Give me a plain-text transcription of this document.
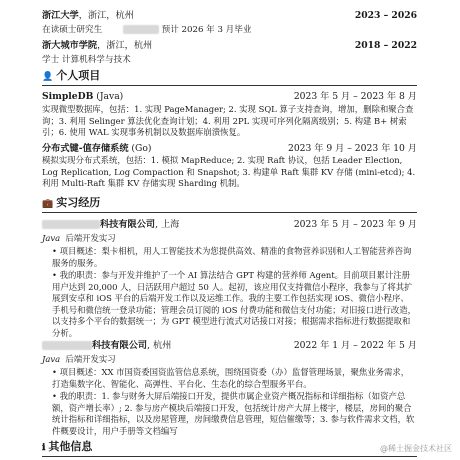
浙江大学，浙江，杭州	2023 – 2026
在读硕士研究生	预计 2026 年 3 月毕业
浙大城市学院，浙江，杭州	2018 – 2022
学士 计算机科学与技术
👤 个人项目
SimpleDB (Java)	2023 年 5 月 – 2023 年 8 月
实现微型数据库，包括：1. 实现 PageManager; 2. 实现 SQL 算子支持查询，增加，删除和聚合查询；3. 利用 Selinger 算法优化查询计划；4. 利用 2PL 实现可序列化隔离级别；5. 构建 B+ 树索引；6. 使用 WAL 实现事务机制以及数据库崩溃恢复。
分布式键-值存储系统 (Go)	2023 年 9 月 – 2023 年 10 月
模拟实现分布式系统，包括：1. 模拟 MapReduce; 2. 实现 Raft 协议，包括 Leader Election, Log Replication, Log Compaction 和 Snapshot; 3. 构建单 Raft 集群 KV 存储 (mini-etcd); 4. 利用 Multi-Raft 集群 KV 存储实现 Sharding 机制。
💼 实习经历
科技有限公司, 上海	2023 年 5 月 – 2023 年 9 月
Java 后端开发实习
• 项目概述：梨卡相机，用人工智能技术为您提供高效、精准的食物营养识别和人工智能营养咨询服务的服务。
• 我的职责：参与开发并维护了一个 AI 算法结合 GPT 构建的营养师 Agent。目前项目累计注册用户达到 20,000 人，日活跃用户超过 50 人。起初，该应用仅支持微信小程序，我参与了将其扩展到安卓和 iOS 平台的后端开发工作以及运维工作。我的主要工作包括实现 iOS、微信小程序、手机号和微信统一登录功能；管理会员订阅的 iOS 付费功能和微信支付功能；对旧接口进行改造，以支持多个平台的数据统一；为 GPT 模型进行流式对话接口对接；根据需求指标进行数据提取和分析。
科技有限公司, 杭州	2022 年 1 月 – 2022 年 5 月
Java 后端开发实习
• 项目概述：XX 市国资委国资监管信息系统，围绕国资委（办）监督管理场景，聚焦业务需求，打造集数字化、智能化、高弹性、平台化、生态化的综合型服务平台。
• 我的职责：1. 参与财务大屏后端接口开发，提供市属企业资产概况指标和详细指标（如资产总额，资产增长率）; 2. 参与房产模块后端接口开发，包括统计房产大屏上楼宇，楼层，房间的聚合统计指标和详细指标，以及房屋管理，房间缴费信息管理，短信催缴等；3. 参与软件需求文档，软件概要设计，用户手册等文档编写
ℹ 其他信息	@稀土掘金技术社区
